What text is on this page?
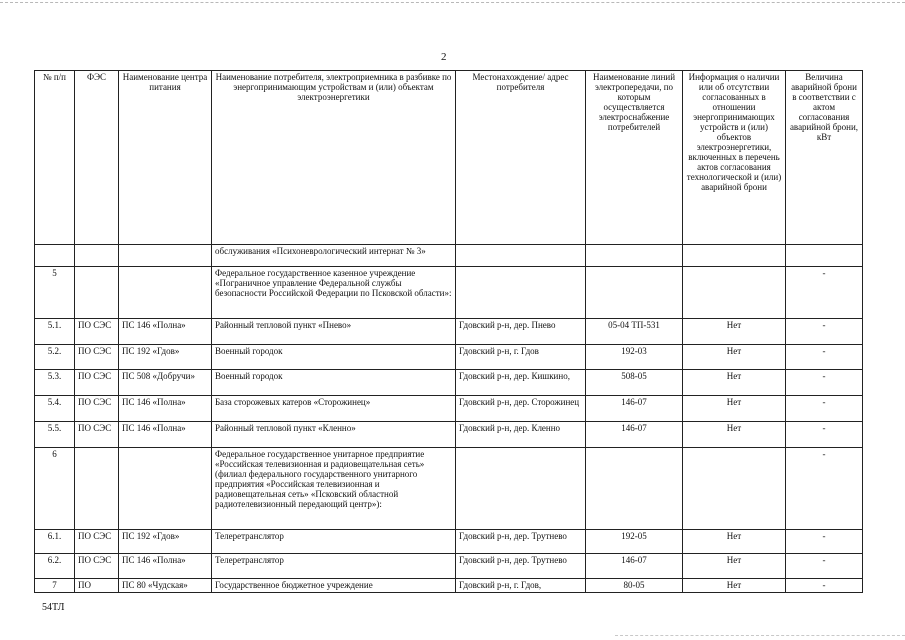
2
№ п/п	ФЭС	Наименование центра питания	Наименование потребителя, электроприемника в разбивке по энергопринимающим устройствам и (или) объектам электроэнергетики	Местонахождение/ адрес потребителя	Наименование линий электропередачи, по которым осуществляется электроснабжение потребителей	Информация о наличии или об отсутствии согласованных в отношении энергопринимающих устройств и (или) объектов электроэнергетики, включенных в перечень актов согласования технологической и (или) аварийной брони	Величина аварийной брони в соответствии с актом согласования аварийной брони, кВт
			обслуживания «Психоневрологический интернат № 3»				
5			Федеральное государственное казенное учреждение «Пограничное управление Федеральной службы безопасности Российской Федерации по Псковской области»:				-
5.1.	ПО СЭС	ПС 146 «Полна»	Районный тепловой пункт «Пнево»	Гдовский р-н, дер. Пнево	05-04 ТП-531	Нет	-
5.2.	ПО СЭС	ПС 192 «Гдов»	Военный городок	Гдовский р-н, г. Гдов	192-03	Нет	-
5.3.	ПО СЭС	ПС 508 «Добручи»	Военный городок	Гдовский р-н, дер. Кишкино,	508-05	Нет	-
5.4.	ПО СЭС	ПС 146 «Полна»	База сторожевых катеров «Сторожинец»	Гдовский р-н, дер. Сторожинец	146-07	Нет	-
5.5.	ПО СЭС	ПС 146 «Полна»	Районный тепловой пункт «Кленно»	Гдовский р-н, дер. Кленно	146-07	Нет	-
6			Федеральное государственное унитарное предприятие «Российская телевизионная и радиовещательная сеть» (филиал федерального государственного унитарного предприятия «Российская телевизионная и радиовещательная сеть» «Псковский областной радиотелевизионный передающий центр»):				-
6.1.	ПО СЭС	ПС 192 «Гдов»	Телеретранслятор	Гдовский р-н, дер. Трутнево	192-05	Нет	-
6.2.	ПО СЭС	ПС 146 «Полна»	Телеретранслятор	Гдовский р-н, дер. Трутнево	146-07	Нет	-
7	ПО	ПС 80 «Чудская»	Государственное бюджетное учреждение	Гдовский р-н, г. Гдов,	80-05	Нет	-
54ТЛ
